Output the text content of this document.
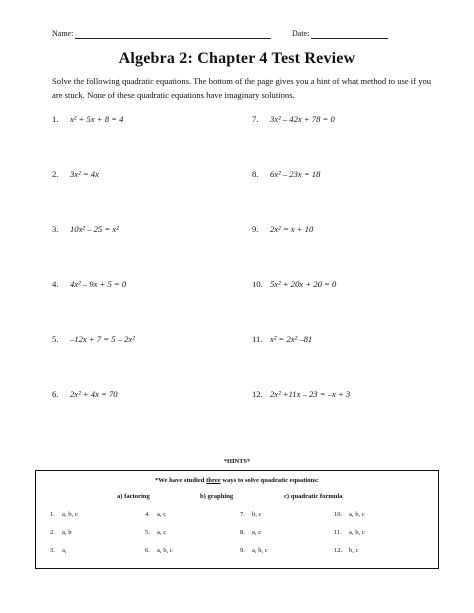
Name:	Date:
Algebra 2: Chapter 4 Test Review
Solve the following quadratic equations. The bottom of the page gives you a hint of what method to use if you are stuck. None of these quadratic equations have imaginary solutions.
1. x² + 5x + 8 = 4
2. 3x² = 4x
3. 10x² – 25 = x²
4. 4x² – 9x + 5 = 0
5. –12x + 7 = 5 – 2x²
6. 2x² + 4x = 70
7. 3x² – 42x + 78 = 0
8. 6x² – 23x = 18
9. 2x² = x + 10
10. 5x² + 20x + 20 = 0
11. x² = 2x² –81
12. 2x² +11x – 23 = –x + 3
*HINTS*
*We have studied three ways to solve quadratic equations:
a) factoring	b) graphing	c) quadratic formula
1. a, b, c	4. a, c	7. b, c	10. a, b, c
2. a, b	5. a, c	8. a, c	11. a, b, c
3. a,	6. a, b, c	9. a, b, c	12. b, c
